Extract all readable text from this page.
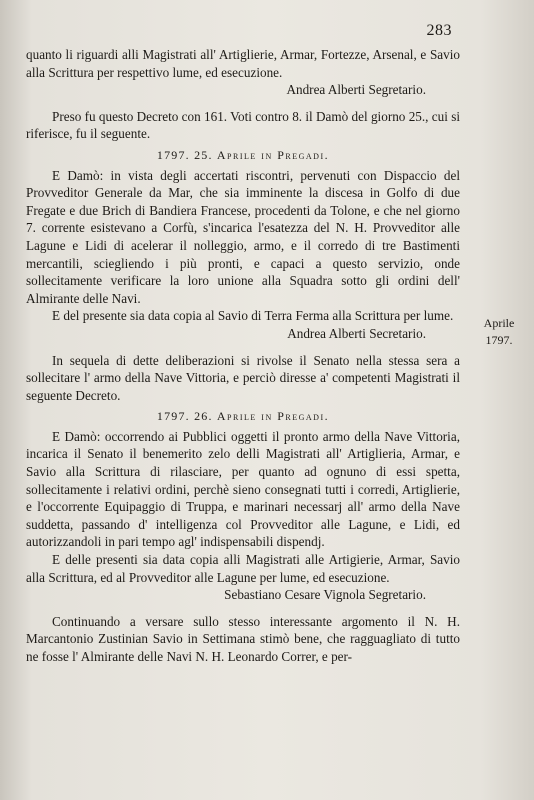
283

quanto li riguardi alli Magistrati all' Artiglierie, Armar, Fortezze, Arsenal, e Savio alla Scrittura per respettivo lume, ed esecuzione.

Andrea Alberti Segretario.

Preso fu questo Decreto con 161. Voti contro 8. il Damò del giorno 25., cui si riferisce, fu il seguente.

1797. 25. Aprile in Pregadi.

E Damò: in vista degli accertati riscontri, pervenuti con Dispaccio del Provveditor Generale da Mar, che sia imminente la discesa in Golfo di due Fregate e due Brich di Bandiera Francese, procedenti da Tolone, e che nel giorno 7. corrente esistevano a Corfù, s'incarica l'esatezza del N. H. Provveditor alle Lagune e Lidi di acelerar il nolleggio, armo, e il corredo di tre Bastimenti mercantili, sciegliendo i più pronti, e capaci a questo servizio, onde sollecitamente verificare la loro unione alla Squadra sotto gli ordini dell' Almirante delle Navi.

E del presente sia data copia al Savio di Terra Ferma alla Scrittura per lume.

Andrea Alberti Secretario.

In sequela di dette deliberazioni si rivolse il Senato nella stessa sera a sollecitare l' armo della Nave Vittoria, e perciò diresse a' competenti Magistrati il seguente Decreto.

1797. 26. Aprile in Pregadi.

E Damò: occorrendo ai Pubblici oggetti il pronto armo della Nave Vittoria, incarica il Senato il benemerito zelo delli Magistrati all' Artiglieria, Armar, e Savio alla Scrittura di rilasciare, per quanto ad ognuno di essi spetta, sollecitamente i relativi ordini, perchè sieno consegnati tutti i corredi, Artiglierie, e l'occorrente Equipaggio di Truppa, e marinari necessarj all' armo della Nave suddetta, passando d' intelligenza col Provveditor alle Lagune, e Lidi, ed autorizzandoli in pari tempo agl' indispensabili dispendj.

E delle presenti sia data copia alli Magistrati alle Artigierie, Armar, Savio alla Scrittura, ed al Provveditor alle Lagune per lume, ed esecuzione.

Sebastiano Cesare Vignola Segretario.

Continuando a versare sullo stesso interessante argomento il N. H. Marcantonio Zustinian Savio in Settimana stimò bene, che ragguagliato di tutto ne fosse l' Almirante delle Navi N. H. Leonardo Correr, e per-

Aprile
1797.
